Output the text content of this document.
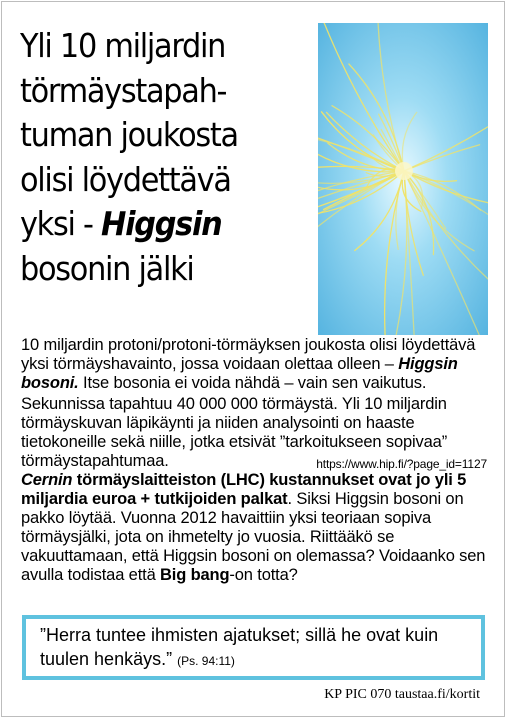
Yli 10 miljardin
törmäystapah-
tuman joukosta
olisi löydettävä
yksi - Higgsin
bosonin jälki

10 miljardin protoni/protoni-törmäyksen joukosta olisi löydettävä yksi törmäyshavainto, jossa voidaan olettaa olleen – Higgsin bosoni. Itse bosonia ei voida nähdä – vain sen vaikutus.

Sekunnissa tapahtuu 40 000 000 törmäystä. Yli 10 miljardin törmäyskuvan läpikäynti ja niiden analysointi on haaste tietokoneille sekä niille, jotka etsivät ”tarkoitukseen sopivaa” törmäystapahtumaa.	https://www.hip.fi/?page_id=1127

Cernin törmäyslaitteiston (LHC) kustannukset ovat jo yli 5 miljardia euroa + tutkijoiden palkat. Siksi Higgsin bosoni on pakko löytää. Vuonna 2012 havaittiin yksi teoriaan sopiva törmäysjälki, jota on ihmetelty jo vuosia. Riittääkö se vakuuttamaan, että Higgsin bosoni on olemassa? Voidaanko sen avulla todistaa että Big bang-on totta?

”Herra tuntee ihmisten ajatukset; sillä he ovat kuin tuulen henkäys.” (Ps. 94:11)
KP PIC 070 taustaa.fi/kortit
